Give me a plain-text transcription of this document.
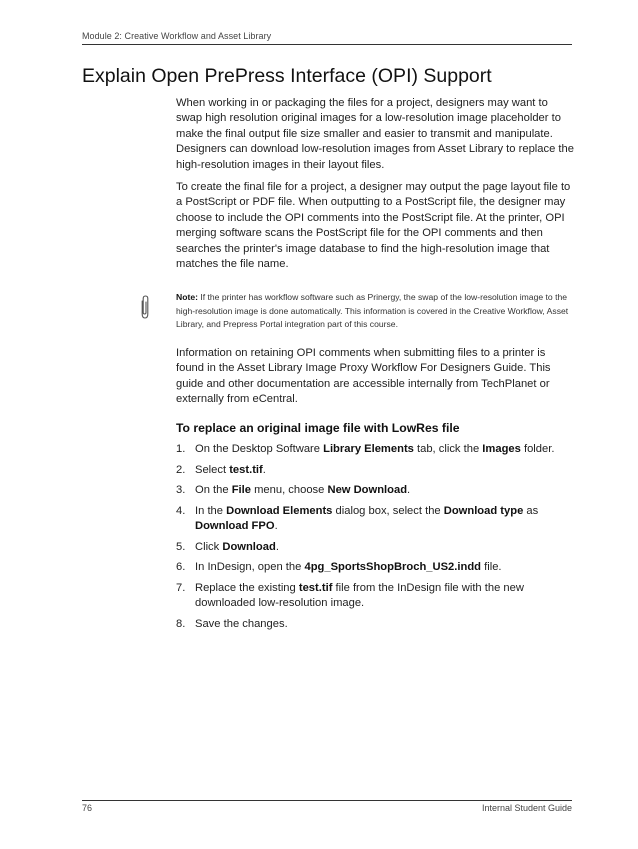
Module 2: Creative Workflow and Asset Library
Explain Open PrePress Interface (OPI) Support

When working in or packaging the files for a project, designers may want to swap high resolution original images for a low-resolution image placeholder to make the final output file size smaller and easier to transmit and manipulate. Designers can download low-resolution images from Asset Library to replace the high-resolution images in their layout files.

To create the final file for a project, a designer may output the page layout file to a PostScript or PDF file. When outputting to a PostScript file, the designer may choose to include the OPI comments into the PostScript file. At the printer, OPI merging software scans the PostScript file for the OPI comments and then searches the printer's image database to find the high-resolution image that matches the file name.

Note: If the printer has workflow software such as Prinergy, the swap of the low-resolution image to the high-resolution image is done automatically. This information is covered in the Creative Workflow, Asset Library, and Prepress Portal integration part of this course.

Information on retaining OPI comments when submitting files to a printer is found in the Asset Library Image Proxy Workflow For Designers Guide. This guide and other documentation are accessible internally from TechPlanet or externally from eCentral.

To replace an original image file with LowRes file
1. On the Desktop Software Library Elements tab, click the Images folder.
2. Select test.tif.
3. On the File menu, choose New Download.
4. In the Download Elements dialog box, select the Download type as Download FPO.
5. Click Download.
6. In InDesign, open the 4pg_SportsShopBroch_US2.indd file.
7. Replace the existing test.tif file from the InDesign file with the new downloaded low-resolution image.
8. Save the changes.
76	Internal Student Guide
